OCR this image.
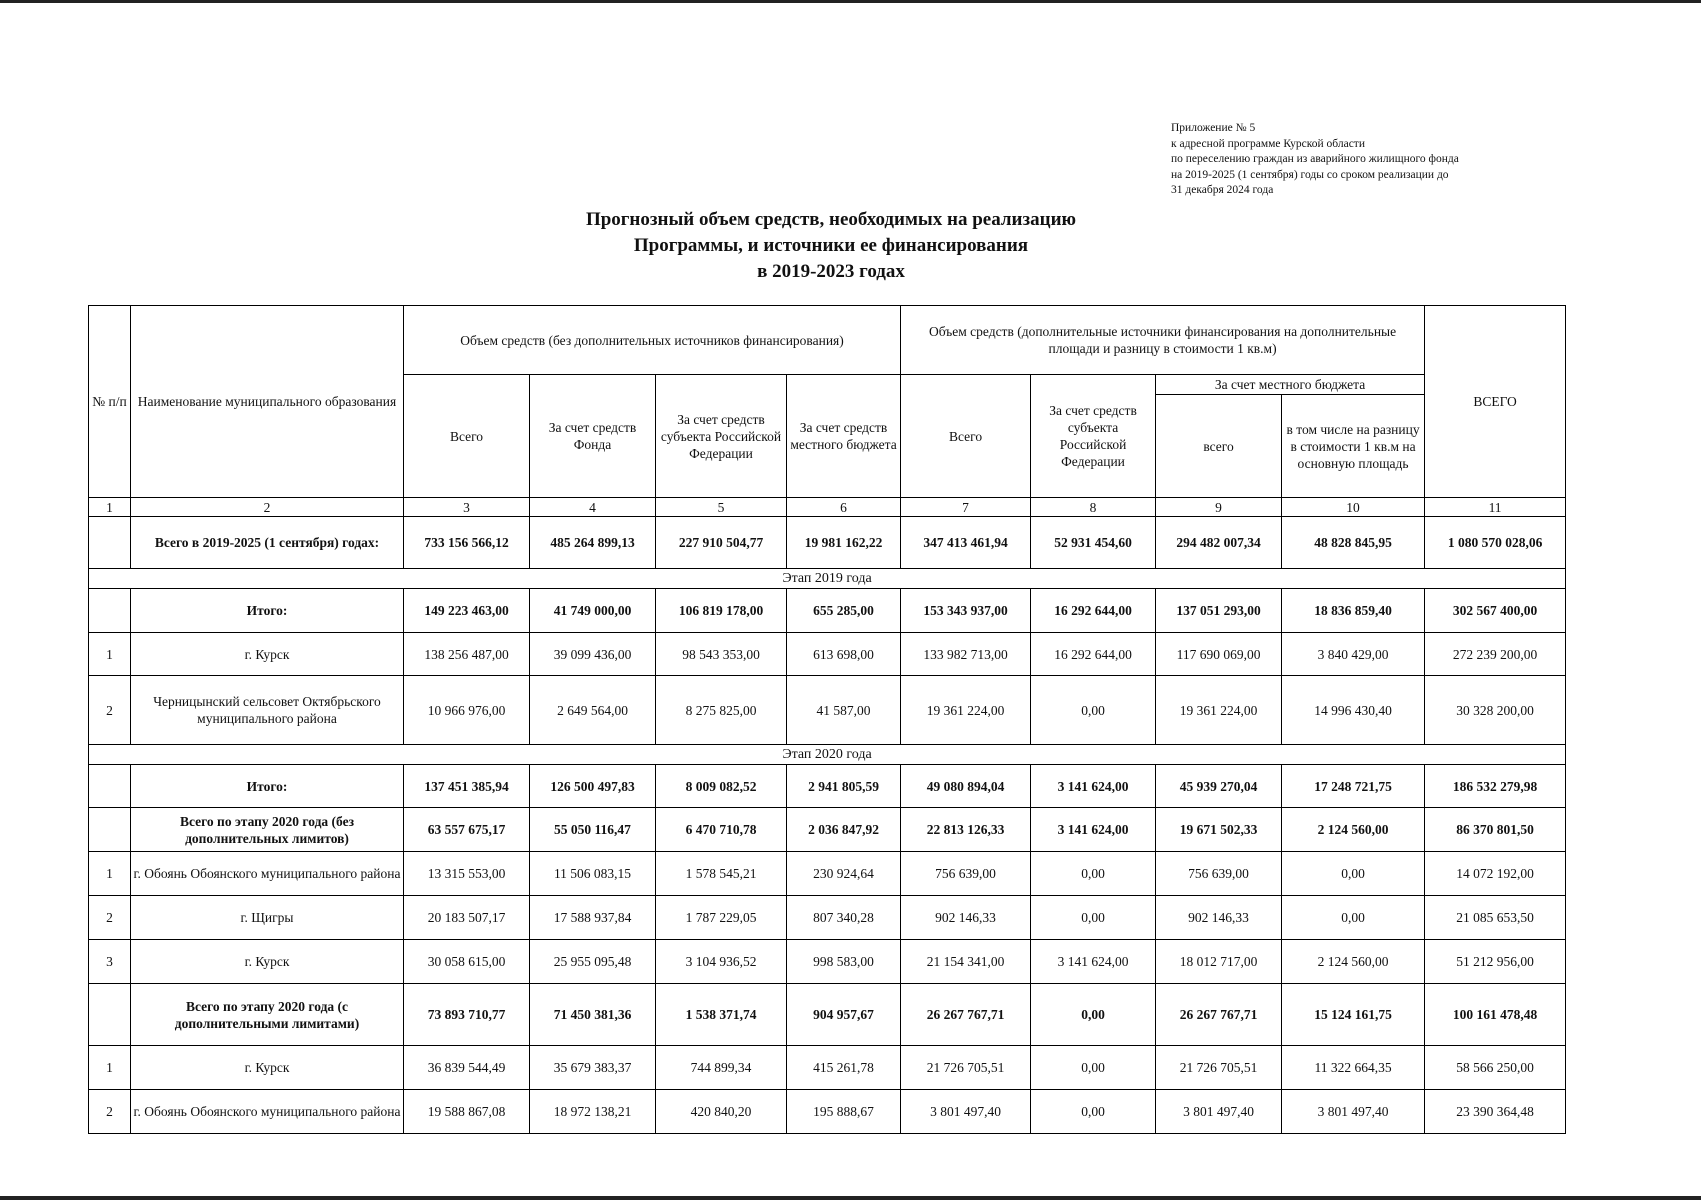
Приложение № 5
к адресной программе Курской области
по переселению граждан из аварийного жилищного фонда
на 2019-2025 (1 сентября) годы со сроком реализации до
31 декабря 2024 года
Прогнозный объем средств, необходимых на реализацию
Программы, и источники ее финансирования
в 2019-2023 годах
№ п/п	Наименование муниципального образования	Объем средств (без дополнительных источников финансирования)				Объем средств (дополнительные источники финансирования на дополнительные площади и разницу в стоимости 1 кв.м)				ВСЕГО
		Всего	За счет средств Фонда	За счет средств субъекта Российской Федерации	За счет средств местного бюджета	Всего	За счет средств субъекта Российской Федерации	За счет местного бюджета		
								всего	в том числе на разницу в стоимости 1 кв.м на основную площадь	
1	2	3	4	5	6	7	8	9	10	11
	Всего в 2019-2025 (1 сентября) годах:	733 156 566,12	485 264 899,13	227 910 504,77	19 981 162,22	347 413 461,94	52 931 454,60	294 482 007,34	48 828 845,95	1 080 570 028,06
Этап 2019 года										
	Итого:	149 223 463,00	41 749 000,00	106 819 178,00	655 285,00	153 343 937,00	16 292 644,00	137 051 293,00	18 836 859,40	302 567 400,00
1	г. Курск	138 256 487,00	39 099 436,00	98 543 353,00	613 698,00	133 982 713,00	16 292 644,00	117 690 069,00	3 840 429,00	272 239 200,00
2	Черницынский сельсовет Октябрьского муниципального района	10 966 976,00	2 649 564,00	8 275 825,00	41 587,00	19 361 224,00	0,00	19 361 224,00	14 996 430,40	30 328 200,00
Этап 2020 года										
	Итого:	137 451 385,94	126 500 497,83	8 009 082,52	2 941 805,59	49 080 894,04	3 141 624,00	45 939 270,04	17 248 721,75	186 532 279,98
	Всего по этапу 2020 года (без дополнительных лимитов)	63 557 675,17	55 050 116,47	6 470 710,78	2 036 847,92	22 813 126,33	3 141 624,00	19 671 502,33	2 124 560,00	86 370 801,50
1	г. Обоянь Обоянского муниципального района	13 315 553,00	11 506 083,15	1 578 545,21	230 924,64	756 639,00	0,00	756 639,00	0,00	14 072 192,00
2	г. Щигры	20 183 507,17	17 588 937,84	1 787 229,05	807 340,28	902 146,33	0,00	902 146,33	0,00	21 085 653,50
3	г. Курск	30 058 615,00	25 955 095,48	3 104 936,52	998 583,00	21 154 341,00	3 141 624,00	18 012 717,00	2 124 560,00	51 212 956,00
	Всего по этапу 2020 года (с дополнительными лимитами)	73 893 710,77	71 450 381,36	1 538 371,74	904 957,67	26 267 767,71	0,00	26 267 767,71	15 124 161,75	100 161 478,48
1	г. Курск	36 839 544,49	35 679 383,37	744 899,34	415 261,78	21 726 705,51	0,00	21 726 705,51	11 322 664,35	58 566 250,00
2	г. Обоянь Обоянского муниципального района	19 588 867,08	18 972 138,21	420 840,20	195 888,67	3 801 497,40	0,00	3 801 497,40	3 801 497,40	23 390 364,48
